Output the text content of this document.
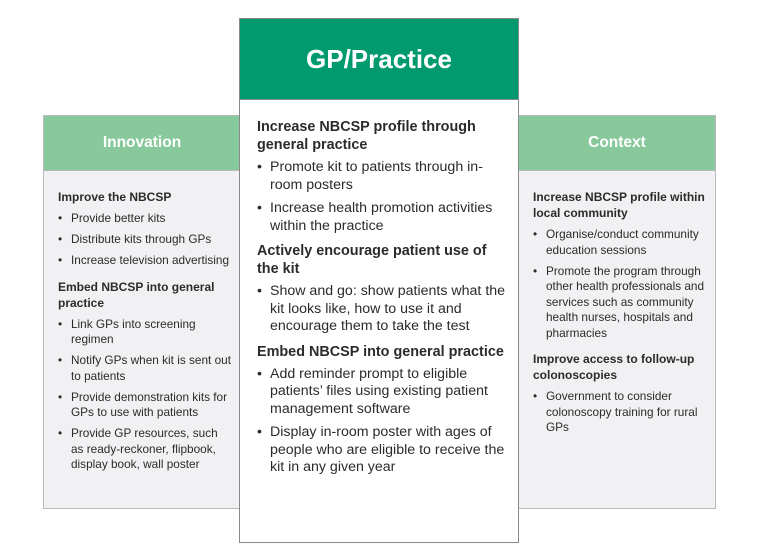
Innovation
Improve the NBCSP
• Provide better kits
• Distribute kits through GPs
• Increase television advertising
Embed NBCSP into general practice
• Link GPs into screening regimen
• Notify GPs when kit is sent out to patients
• Provide demonstration kits for GPs to use with patients
• Provide GP resources, such as ready-reckoner, flipbook, display book, wall poster
Context
Increase NBCSP profile within local community
• Organise/conduct community education sessions
• Promote the program through other health professionals and services such as community health nurses, hospitals and pharmacies
Improve access to follow-up colonoscopies
• Government to consider colonoscopy training for rural GPs
GP/Practice
Increase NBCSP profile through general practice
• Promote kit to patients through in-room posters
• Increase health promotion activities within the practice
Actively encourage patient use of the kit
• Show and go: show patients what the kit looks like, how to use it and encourage them to take the test
Embed NBCSP into general practice
• Add reminder prompt to eligible patients’ files using existing patient management software
• Display in-room poster with ages of people who are eligible to receive the kit in any given year
